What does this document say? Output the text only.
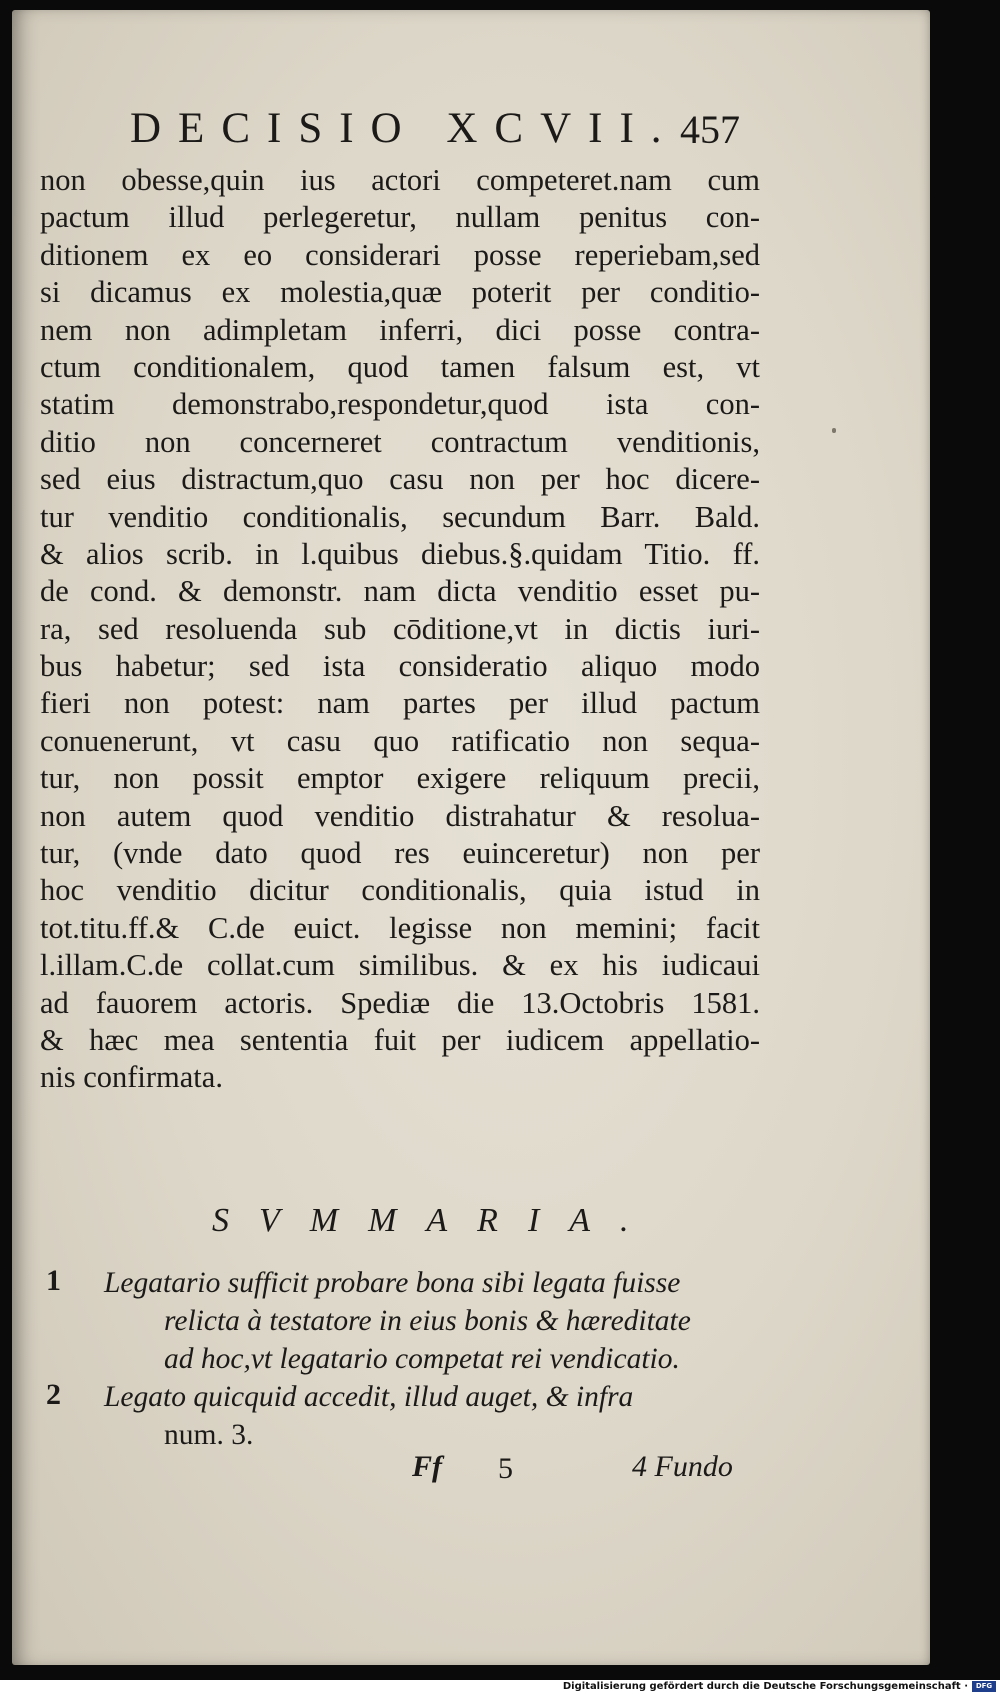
DECISIO XCVII. 457
non obesse,quin ius actori competeret.nam cum
pactum illud perlegeretur, nullam penitus con-
ditionem ex eo considerari posse reperiebam,sed
si dicamus ex molestia,quæ poterit per conditio-
nem non adimpletam inferri, dici posse contra-
ctum conditionalem, quod tamen falsum est, vt
statim demonstrabo,respondetur,quod ista con-
ditio non concerneret contractum venditionis,
sed eius distractum,quo casu non per hoc dicere-
tur venditio conditionalis, secundum Barr. Bald.
& alios scrib. in l.quibus diebus.§.quidam Titio. ff.
de cond. & demonstr. nam dicta venditio esset pu-
ra, sed resoluenda sub cōditione,vt in dictis iuri-
bus habetur; sed ista consideratio aliquo modo
fieri non potest: nam partes per illud pactum
conuenerunt, vt casu quo ratificatio non sequa-
tur, non possit emptor exigere reliquum precii,
non autem quod venditio distrahatur & resolua-
tur, (vnde dato quod res euinceretur) non per
hoc venditio dicitur conditionalis, quia istud in
tot.titu.ff.& C.de euict. legisse non memini; facit
l.illam.C.de collat.cum similibus. & ex his iudicaui
ad fauorem actoris. Spediæ die 13.Octobris 1581.
& hæc mea sententia fuit per iudicem appellatio-
nis confirmata.
SVMMARIA.
1 Legatario sufficit probare bona sibi legata fuisse
relicta à testatore in eius bonis & hæreditate
ad hoc,vt legatario competat rei vendicatio.
2 Legato quicquid accedit, illud auget, & infra
num. 3.
Ff 5	4 Fundo
Digitalisierung gefördert durch die Deutsche Forschungsgemeinschaft ·	DFG
